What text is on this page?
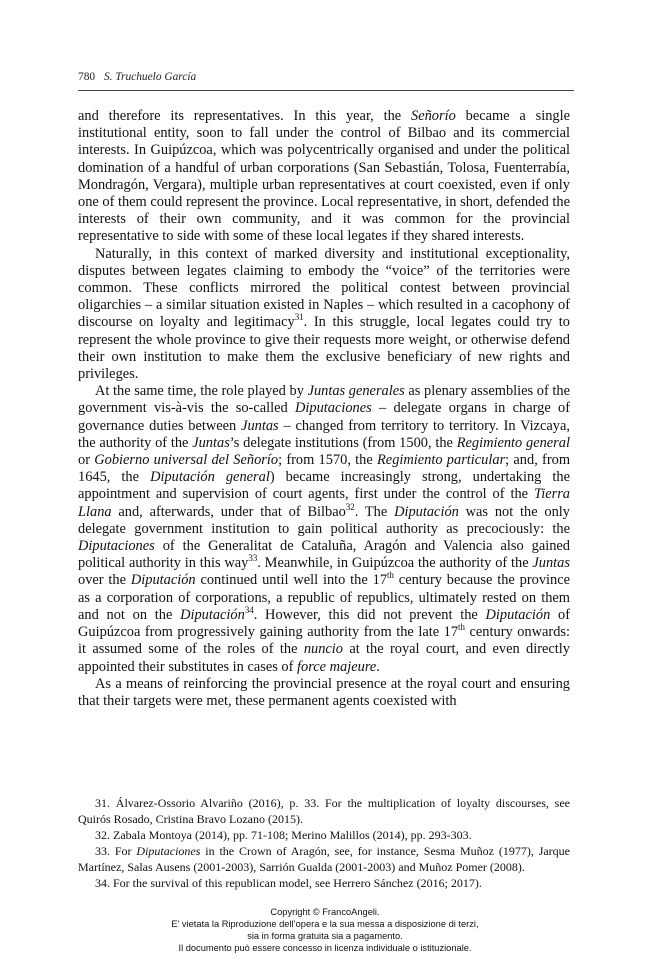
780 S. Truchuelo García

and therefore its representatives. In this year, the Señorío became a single institutional entity, soon to fall under the control of Bilbao and its commercial interests. In Guipúzcoa, which was polycentrically organised and under the political domination of a handful of urban corporations (San Sebastián, Tolosa, Fuenterrabía, Mondragón, Vergara), multiple urban representatives at court coexisted, even if only one of them could represent the province. Local representative, in short, defended the interests of their own community, and it was common for the provincial representative to side with some of these local legates if they shared interests.

Naturally, in this context of marked diversity and institutional exceptionality, disputes between legates claiming to embody the “voice” of the territories were common. These conflicts mirrored the political contest between provincial oligarchies – a similar situation existed in Naples – which resulted in a cacophony of discourse on loyalty and legitimacy$^{31}$. In this struggle, local legates could try to represent the whole province to give their requests more weight, or otherwise defend their own institution to make them the exclusive beneficiary of new rights and privileges.

At the same time, the role played by Juntas generales as plenary assemblies of the government vis-à-vis the so-called Diputaciones – delegate organs in charge of governance duties between Juntas – changed from territory to territory. In Vizcaya, the authority of the Juntas’s delegate institutions (from 1500, the Regimiento general or Gobierno universal del Señorío; from 1570, the Regimiento particular; and, from 1645, the Diputación general) became increasingly strong, undertaking the appointment and supervision of court agents, first under the control of the Tierra Llana and, afterwards, under that of Bilbao$^{32}$. The Diputación was not the only delegate government institution to gain political authority as precociously: the Diputaciones of the Generalitat de Cataluña, Aragón and Valencia also gained political authority in this way$^{33}$. Meanwhile, in Guipúzcoa the authority of the Juntas over the Diputación continued until well into the 17th century because the province as a corporation of corporations, a republic of republics, ultimately rested on them and not on the Diputación$^{34}$. However, this did not prevent the Diputación of Guipúzcoa from progressively gaining authority from the late 17th century onwards: it assumed some of the roles of the nuncio at the royal court, and even directly appointed their substitutes in cases of force majeure.

As a means of reinforcing the provincial presence at the royal court and ensuring that their targets were met, these permanent agents coexisted with

31. Álvarez-Ossorio Alvariño (2016), p. 33. For the multiplication of loyalty discourses, see Quirós Rosado, Cristina Bravo Lozano (2015).

32. Zabala Montoya (2014), pp. 71-108; Merino Malillos (2014), pp. 293-303.

33. For Diputaciones in the Crown of Aragón, see, for instance, Sesma Muñoz (1977), Jarque Martínez, Salas Ausens (2001-2003), Sarrión Gualda (2001-2003) and Muñoz Pomer (2008).

34. For the survival of this republican model, see Herrero Sánchez (2016; 2017).

Copyright © FrancoAngeli.
E’ vietata la Riproduzione dell’opera e la sua messa a disposizione di terzi,
sia in forma gratuita sia a pagamento.
Il documento può essere concesso in licenza individuale o istituzionale.
